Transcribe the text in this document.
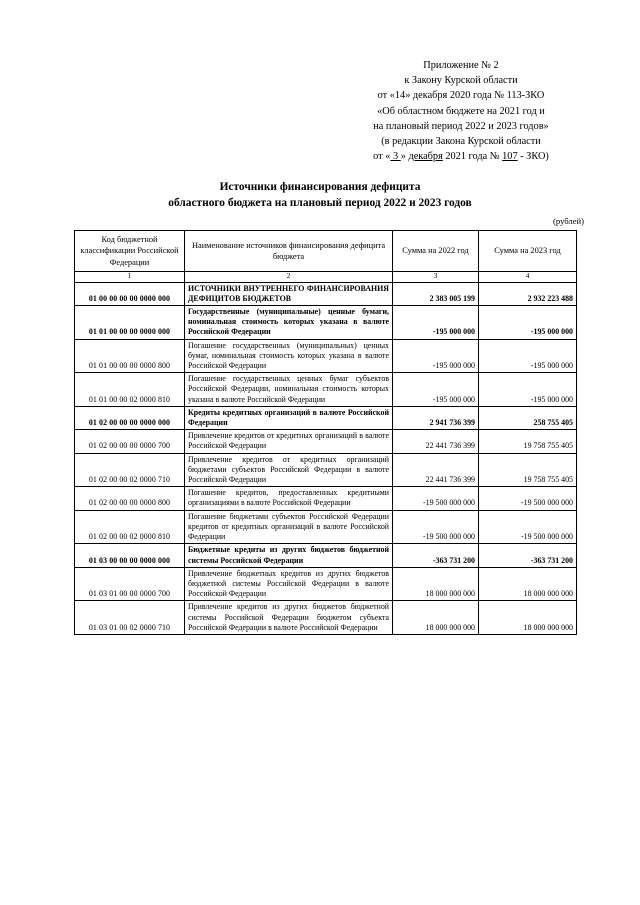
Приложение № 2
к Закону Курской области
от «14» декабря 2020 года № 113-ЗКО
«Об областном бюджете на 2021 год и
на плановый период 2022 и 2023 годов»
(в редакции Закона Курской области
от « 3 » декабря 2021 года № 107 - ЗКО)
Источники финансирования дефицита
областного бюджета на плановый период 2022 и 2023 годов
(рублей)
Код бюджетной классификации Российской Федерации	Наименование источников финансирования дефицита бюджета	Сумма на 2022 год	Сумма на 2023 год
1	2	3	4
01 00 00 00 00 0000 000	ИСТОЧНИКИ ВНУТРЕННЕГО ФИНАНСИРОВАНИЯ ДЕФИЦИТОВ БЮДЖЕТОВ	2 383 005 199	2 932 223 488
01 01 00 00 00 0000 000	Государственные (муниципальные) ценные бумаги, номинальная стоимость которых указана в валюте Российской Федерации	-195 000 000	-195 000 000
01 01 00 00 00 0000 800	Погашение государственных (муниципальных) ценных бумаг, номинальная стоимость которых указана в валюте Российской Федерации	-195 000 000	-195 000 000
01 01 00 00 02 0000 810	Погашение государственных ценных бумаг субъектов Российской Федерации, номинальная стоимость которых указана в валюте Российской Федерации	-195 000 000	-195 000 000
01 02 00 00 00 0000 000	Кредиты кредитных организаций в валюте Российской Федерации	2 941 736 399	258 755 405
01 02 00 00 00 0000 700	Привлечение кредитов от кредитных организаций в валюте Российской Федерации	22 441 736 399	19 758 755 405
01 02 00 00 02 0000 710	Привлечение кредитов от кредитных организаций бюджетами субъектов Российской Федерации в валюте Российской Федерации	22 441 736 399	19 758 755 405
01 02 00 00 00 0000 800	Погашение кредитов, предоставленных кредитными организациями в валюте Российской Федерации	-19 500 000 000	-19 500 000 000
01 02 00 00 02 0000 810	Погашение бюджетами субъектов Российской Федерации кредитов от кредитных организаций в валюте Российской Федерации	-19 500 000 000	-19 500 000 000
01 03 00 00 00 0000 000	Бюджетные кредиты из других бюджетов бюджетной системы Российской Федерации	-363 731 200	-363 731 200
01 03 01 00 00 0000 700	Привлечение бюджетных кредитов из других бюджетов бюджетной системы Российской Федерации в валюте Российской Федерации	18 000 000 000	18 000 000 000
01 03 01 00 02 0000 710	Привлечение кредитов из других бюджетов бюджетной системы Российской Федерации бюджетом субъекта Российской Федерации в валюте Российской Федерации	18 000 000 000	18 000 000 000
